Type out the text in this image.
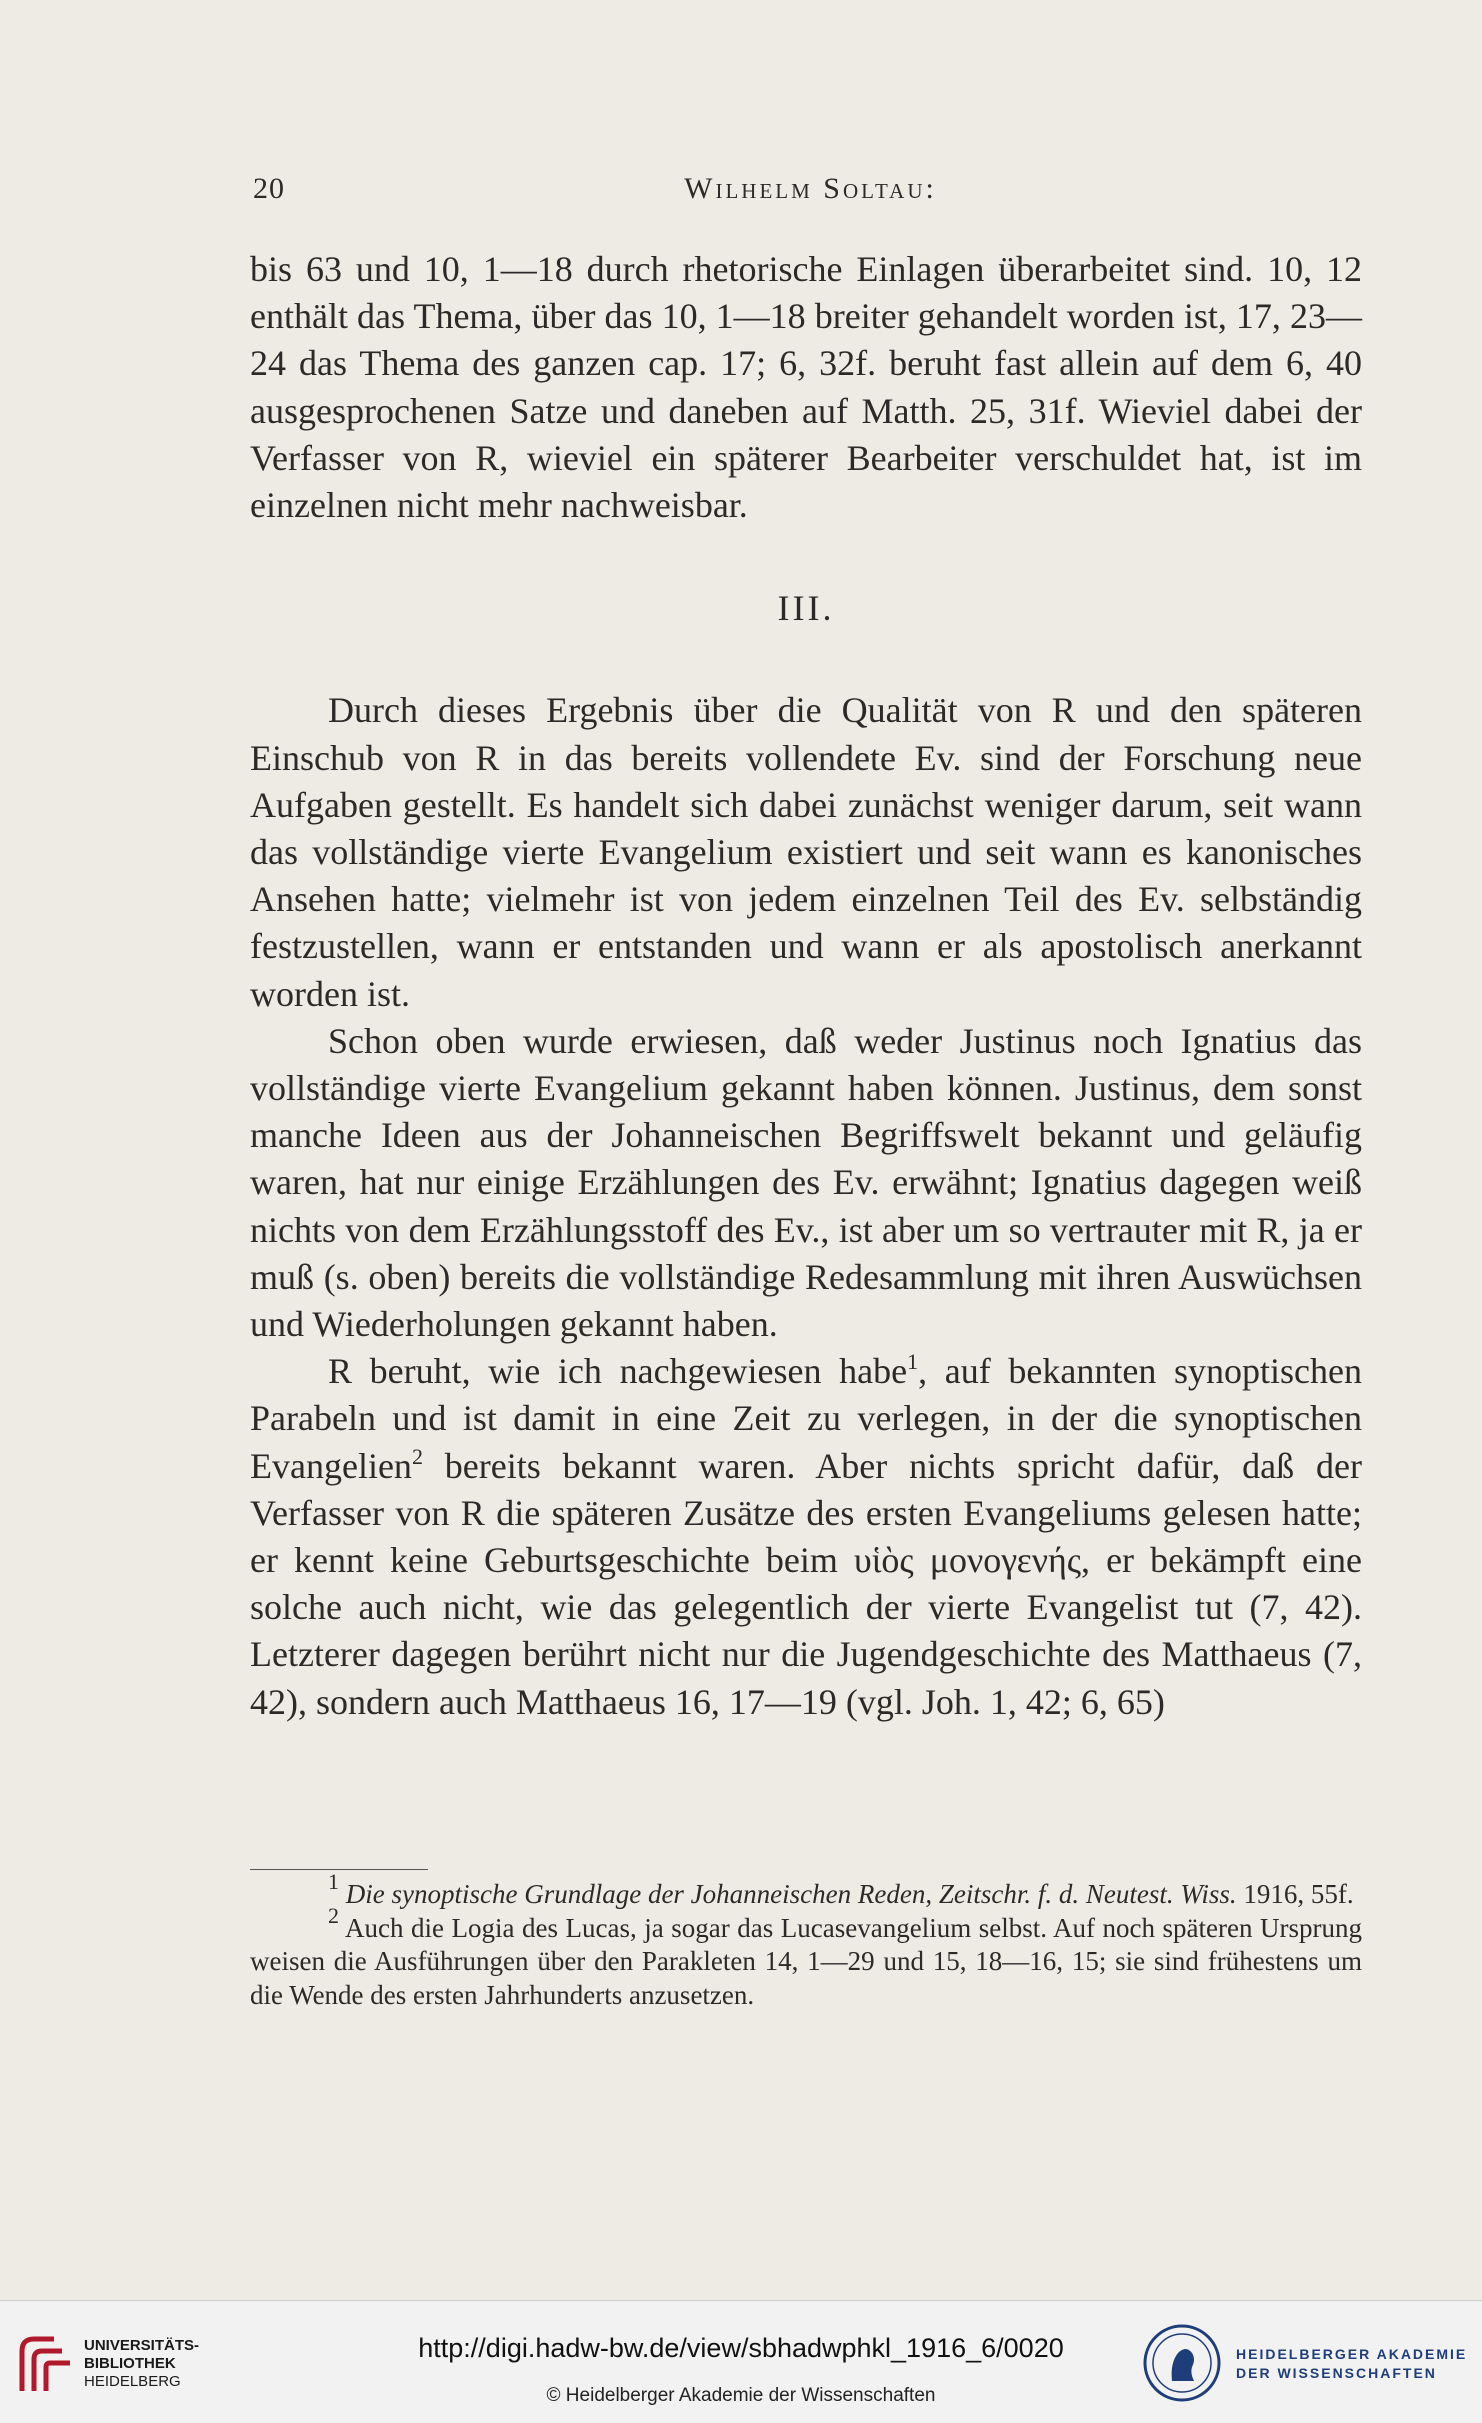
20	Wilhelm Soltau:

bis 63 und 10, 1—18 durch rhetorische Einlagen überarbeitet sind. 10, 12 enthält das Thema, über das 10, 1—18 breiter gehandelt worden ist, 17, 23—24 das Thema des ganzen cap. 17; 6, 32f. beruht fast allein auf dem 6, 40 ausgesprochenen Satze und daneben auf Matth. 25, 31f. Wieviel dabei der Verfasser von R, wieviel ein späterer Bearbeiter verschuldet hat, ist im einzelnen nicht mehr nachweisbar.

III.

Durch dieses Ergebnis über die Qualität von R und den späteren Einschub von R in das bereits vollendete Ev. sind der Forschung neue Aufgaben gestellt. Es handelt sich dabei zunächst weniger darum, seit wann das vollständige vierte Evangelium existiert und seit wann es kanonisches Ansehen hatte; vielmehr ist von jedem einzelnen Teil des Ev. selbständig festzustellen, wann er entstanden und wann er als apostolisch anerkannt worden ist.

Schon oben wurde erwiesen, daß weder Justinus noch Ignatius das vollständige vierte Evangelium gekannt haben können. Justinus, dem sonst manche Ideen aus der Johanneischen Begriffswelt bekannt und geläufig waren, hat nur einige Erzählungen des Ev. erwähnt; Ignatius dagegen weiß nichts von dem Erzählungsstoff des Ev., ist aber um so vertrauter mit R, ja er muß (s. oben) bereits die vollständige Redesammlung mit ihren Auswüchsen und Wiederholungen gekannt haben.

R beruht, wie ich nachgewiesen habe$^1$, auf bekannten synoptischen Parabeln und ist damit in eine Zeit zu verlegen, in der die synoptischen Evangelien$^2$ bereits bekannt waren. Aber nichts spricht dafür, daß der Verfasser von R die späteren Zusätze des ersten Evangeliums gelesen hatte; er kennt keine Geburtsgeschichte beim υἱὸς μονογενής, er bekämpft eine solche auch nicht, wie das gelegentlich der vierte Evangelist tut (7, 42). Letzterer dagegen berührt nicht nur die Jugendgeschichte des Matthaeus (7, 42), sondern auch Matthaeus 16, 17—19 (vgl. Joh. 1, 42; 6, 65)

$^1$ Die synoptische Grundlage der Johanneischen Reden, Zeitschr. f. d. Neutest. Wiss. 1916, 55f.

$^2$ Auch die Logia des Lucas, ja sogar das Lucasevangelium selbst. Auf noch späteren Ursprung weisen die Ausführungen über den Parakleten 14, 1—29 und 15, 18—16, 15; sie sind frühestens um die Wende des ersten Jahrhunderts anzusetzen.

UNIVERSITÄTS-
BIBLIOTHEK
HEIDELBERG
http://digi.hadw-bw.de/view/sbhadwphkl_1916_6/0020
© Heidelberger Akademie der Wissenschaften
HEIDELBERGER AKADEMIE
DER WISSENSCHAFTEN
